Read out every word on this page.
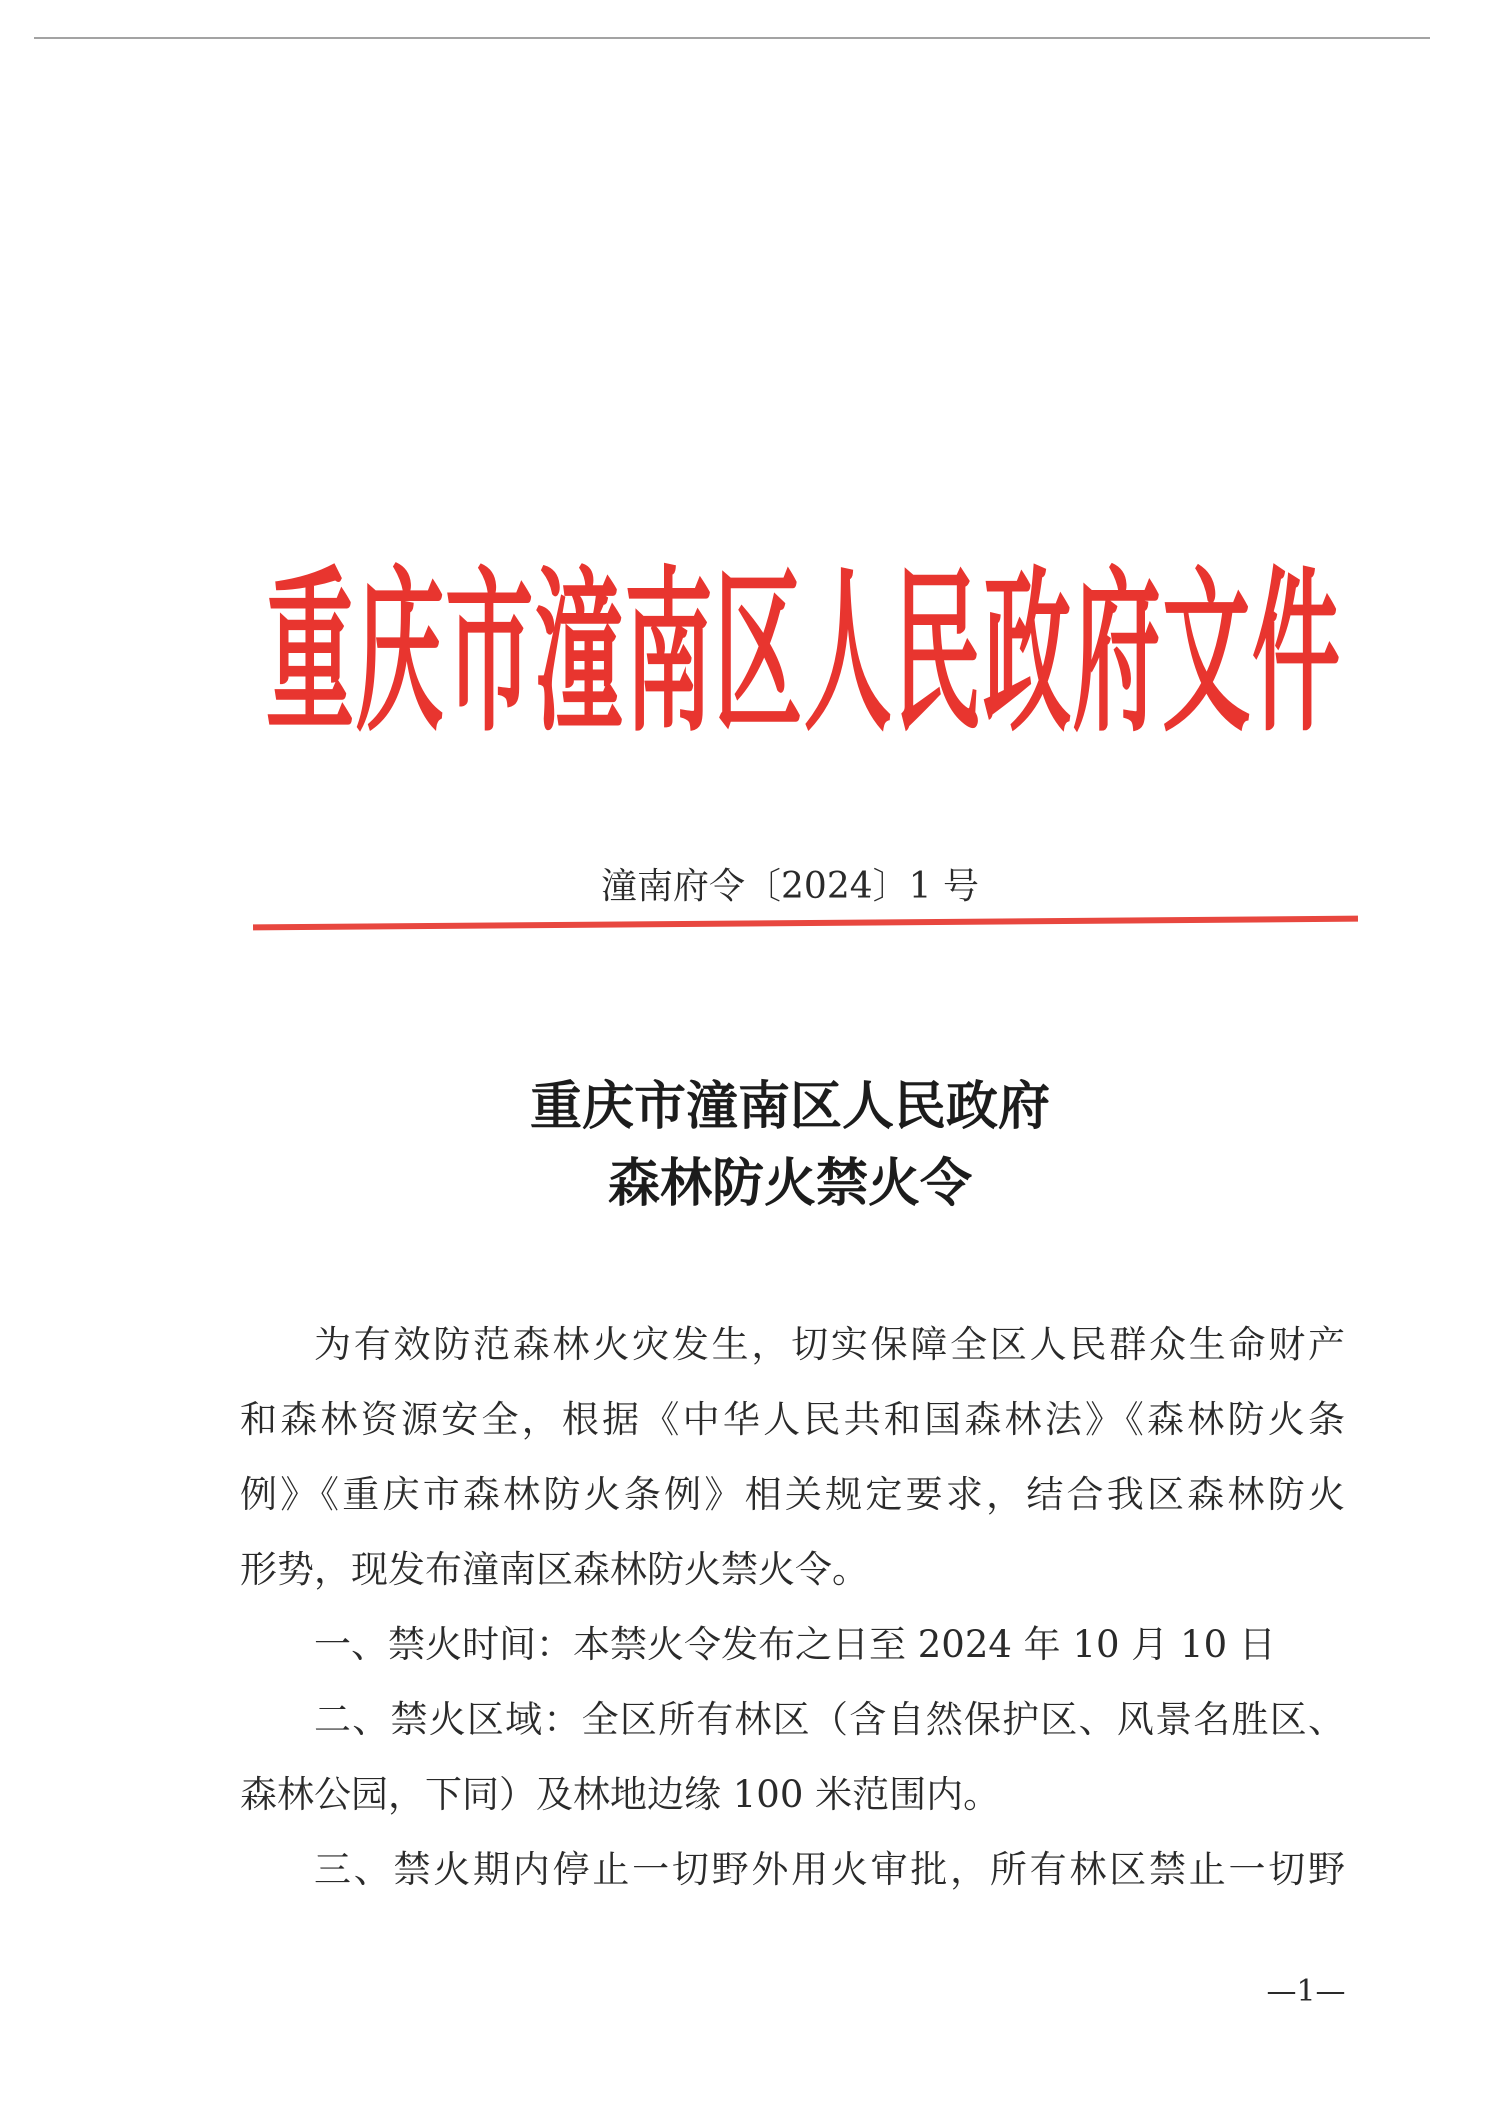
重庆市潼南区人民政府文件
潼南府令〔2024〕1 号
重庆市潼南区人民政府
森林防火禁火令
为有效防范森林火灾发生，切实保障全区人民群众生命财产
和森林资源安全，根据《中华人民共和国森林法》《森林防火条
例》《重庆市森林防火条例》相关规定要求，结合我区森林防火
形势，现发布潼南区森林防火禁火令。
一、禁火时间：本禁火令发布之日至 2024 年 10 月 10 日
二、禁火区域：全区所有林区（含自然保护区、风景名胜区、
森林公园，下同）及林地边缘 100 米范围内。
三、禁火期内停止一切野外用火审批，所有林区禁止一切野
—1—
